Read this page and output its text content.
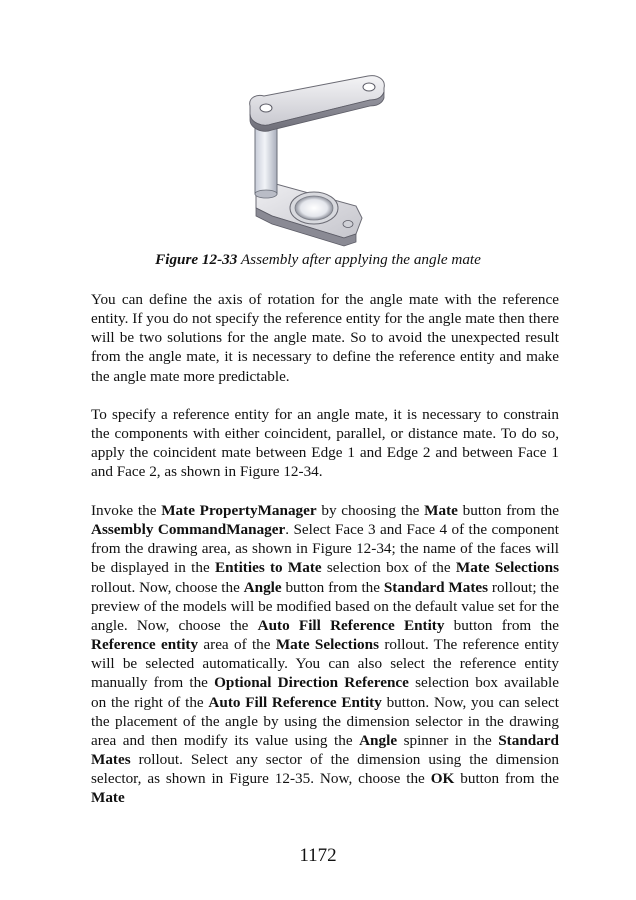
Figure 12-33 Assembly after applying the angle mate

You can define the axis of rotation for the angle mate with the reference entity. If you do not specify the reference entity for the angle mate then there will be two solutions for the angle mate. So to avoid the unexpected result from the angle mate, it is necessary to define the reference entity and make the angle mate more predictable.

To specify a reference entity for an angle mate, it is necessary to constrain the components with either coincident, parallel, or distance mate. To do so, apply the coincident mate between Edge 1 and Edge 2 and between Face 1 and Face 2, as shown in Figure 12-34.

Invoke the Mate PropertyManager by choosing the Mate button from the Assembly CommandManager. Select Face 3 and Face 4 of the component from the drawing area, as shown in Figure 12-34; the name of the faces will be displayed in the Entities to Mate selection box of the Mate Selections rollout. Now, choose the Angle button from the Standard Mates rollout; the preview of the models will be modified based on the default value set for the angle. Now, choose the Auto Fill Reference Entity button from the Reference entity area of the Mate Selections rollout. The reference entity will be selected automatically. You can also select the reference entity manually from the Optional Direction Reference selection box available on the right of the Auto Fill Reference Entity button. Now, you can select the placement of the angle by using the dimension selector in the drawing area and then modify its value using the Angle spinner in the Standard Mates rollout. Select any sector of the dimension using the dimension selector, as shown in Figure 12-35. Now, choose the OK button from the Mate

1172
